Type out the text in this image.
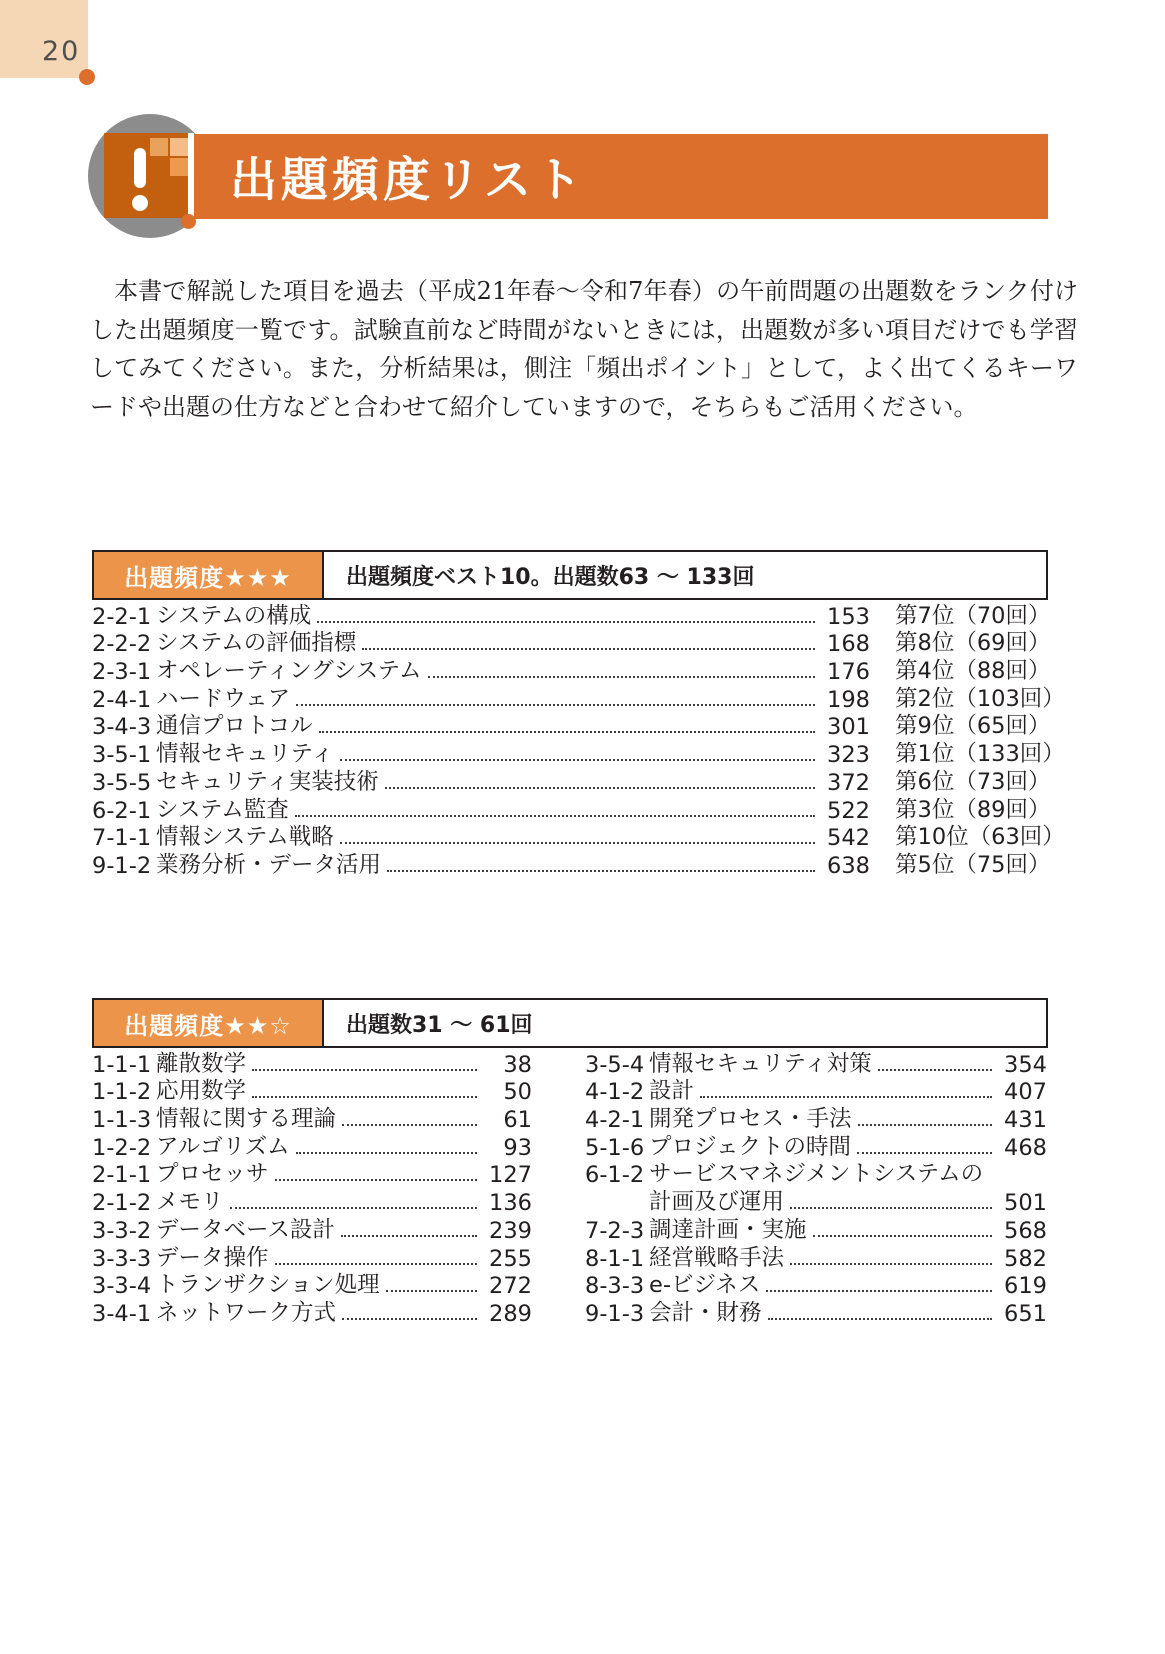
20
出題頻度リスト

本書で解説した項目を過去（平成21年春～令和7年春）の午前問題の出題数をランク付けした出題頻度一覧です。試験直前など時間がないときには，出題数が多い項目だけでも学習してみてください。また，分析結果は，側注「頻出ポイント」として，よく出てくるキーワードや出題の仕方などと合わせて紹介していますので，そちらもご活用ください。

出題頻度★★★	出題頻度ベスト10。出題数63 ～ 133回
2-2-1 システムの構成	153 第7位（70回）
2-2-2 システムの評価指標	168 第8位（69回）
2-3-1 オペレーティングシステム	176 第4位（88回）
2-4-1 ハードウェア	198 第2位（103回）
3-4-3 通信プロトコル	301 第9位（65回）
3-5-1 情報セキュリティ	323 第1位（133回）
3-5-5 セキュリティ実装技術	372 第6位（73回）
6-2-1 システム監査	522 第3位（89回）
7-1-1 情報システム戦略	542 第10位（63回）
9-1-2 業務分析・データ活用	638 第5位（75回）
出題頻度★★☆	出題数31 ～ 61回
1-1-1 離散数学	38
1-1-2 応用数学	50
1-1-3 情報に関する理論	61
1-2-2 アルゴリズム	93
2-1-1 プロセッサ	127
2-1-2 メモリ	136
3-3-2 データベース設計	239
3-3-3 データ操作	255
3-3-4 トランザクション処理	272
3-4-1 ネットワーク方式	289
3-5-4 情報セキュリティ対策	354
4-1-2 設計	407
4-2-1 開発プロセス・手法	431
5-1-6 プロジェクトの時間	468
6-1-2 サービスマネジメントシステムの
計画及び運用	501
7-2-3 調達計画・実施	568
8-1-1 経営戦略手法	582
8-3-3 e-ビジネス	619
9-1-3 会計・財務	651
